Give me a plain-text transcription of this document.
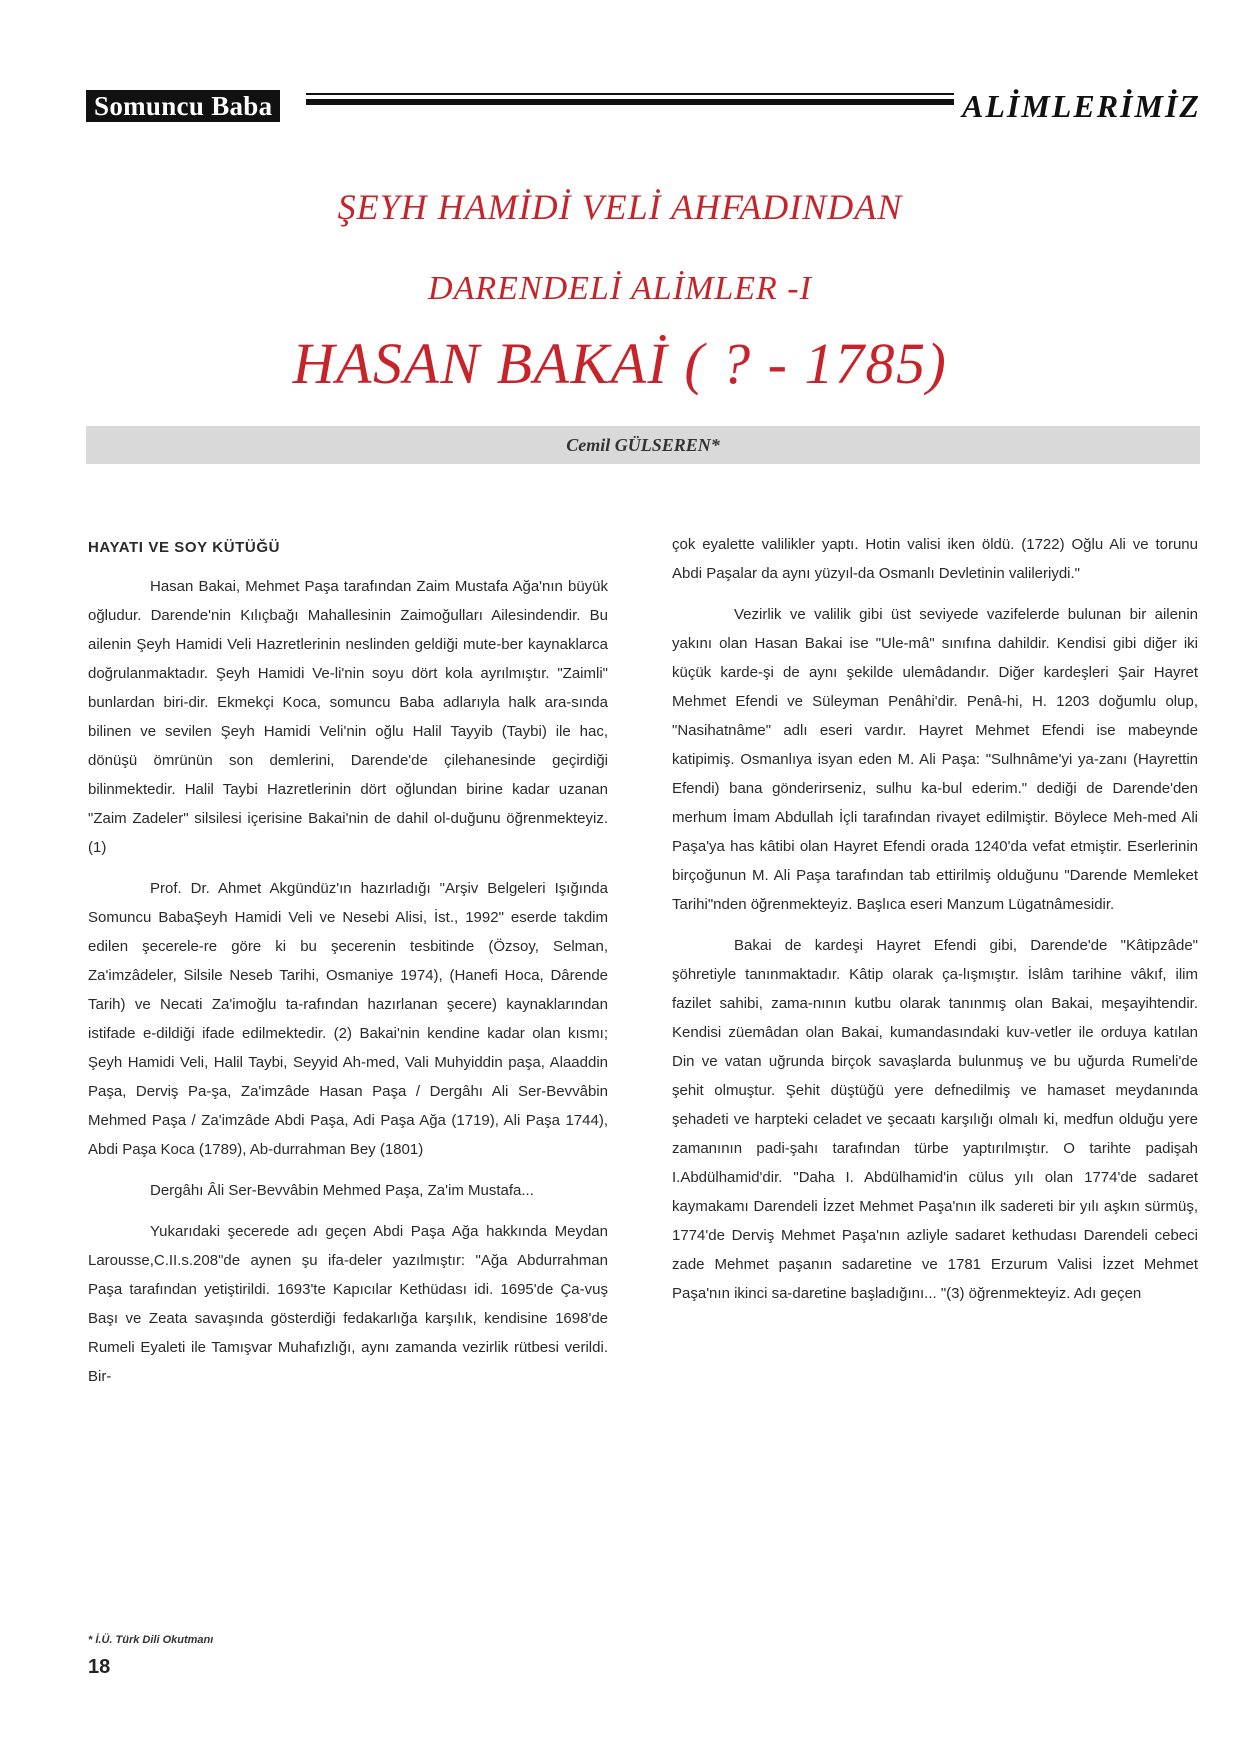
Somuncu Baba	ALİMLERİMİZ
ŞEYH HAMİDİ VELİ AHFADINDAN
DARENDELİ ALİMLER -I
HASAN BAKAİ ( ? - 1785)
Cemil GÜLSEREN*
HAYATI VE SOY KÜTÜĞÜ

Hasan Bakai, Mehmet Paşa tarafından Zaim Mustafa Ağa'nın büyük oğludur. Darende'nin Kılıçbağı Mahallesinin Zaimoğulları Ailesindendir. Bu ailenin Şeyh Hamidi Veli Hazretlerinin neslinden geldiği mute-ber kaynaklarca doğrulanmaktadır. Şeyh Hamidi Ve-li'nin soyu dört kola ayrılmıştır. "Zaimli" bunlardan biri-dir. Ekmekçi Koca, somuncu Baba adlarıyla halk ara-sında bilinen ve sevilen Şeyh Hamidi Veli'nin oğlu Halil Tayyib (Taybi) ile hac, dönüşü ömrünün son demlerini, Darende'de çilehanesinde geçirdiği bilinmektedir. Halil Taybi Hazretlerinin dört oğlundan birine kadar uzanan "Zaim Zadeler" silsilesi içerisine Bakai'nin de dahil ol-duğunu öğrenmekteyiz.(1)

Prof. Dr. Ahmet Akgündüz'ın hazırladığı "Arşiv Belgeleri Işığında Somuncu BabaŞeyh Hamidi Veli ve Nesebi Alisi, İst., 1992" eserde takdim edilen şecerele-re göre ki bu şecerenin tesbitinde (Özsoy, Selman, Za'imzâdeler, Silsile Neseb Tarihi, Osmaniye 1974), (Hanefi Hoca, Dârende Tarih) ve Necati Za'imoğlu ta-rafından hazırlanan şecere) kaynaklarından istifade e-dildiği ifade edilmektedir. (2) Bakai'nin kendine kadar olan kısmı; Şeyh Hamidi Veli, Halil Taybi, Seyyid Ah-med, Vali Muhyiddin paşa, Alaaddin Paşa, Derviş Pa-şa, Za'imzâde Hasan Paşa / Dergâhı Ali Ser-Bevvâbin Mehmed Paşa / Za'imzâde Abdi Paşa, Adi Paşa Ağa (1719), Ali Paşa 1744), Abdi Paşa Koca (1789), Ab-durrahman Bey (1801)

Dergâhı Âli Ser-Bevvâbin Mehmed Paşa, Za'im Mustafa...

Yukarıdaki şecerede adı geçen Abdi Paşa Ağa hakkında Meydan Larousse,C.II.s.208"de aynen şu ifa-deler yazılmıştır: "Ağa Abdurrahman Paşa tarafından yetiştirildi. 1693'te Kapıcılar Kethüdası idi. 1695'de Ça-vuş Başı ve Zeata savaşında gösterdiği fedakarlığa karşılık, kendisine 1698'de Rumeli Eyaleti ile Tamışvar Muhafızlığı, aynı zamanda vezirlik rütbesi verildi. Bir-

çok eyalette valilikler yaptı. Hotin valisi iken öldü. (1722) Oğlu Ali ve torunu Abdi Paşalar da aynı yüzyıl-da Osmanlı Devletinin valileriydi."

Vezirlik ve valilik gibi üst seviyede vazifelerde bulunan bir ailenin yakını olan Hasan Bakai ise "Ule-mâ" sınıfına dahildir. Kendisi gibi diğer iki küçük karde-şi de aynı şekilde ulemâdandır. Diğer kardeşleri Şair Hayret Mehmet Efendi ve Süleyman Penâhi'dir. Penâ-hi, H. 1203 doğumlu olup, "Nasihatnâme" adlı eseri vardır. Hayret Mehmet Efendi ise mabeynde katipimiş. Osmanlıya isyan eden M. Ali Paşa: "Sulhnâme'yi ya-zanı (Hayrettin Efendi) bana gönderirseniz, sulhu ka-bul ederim." dediği de Darende'den merhum İmam Abdullah İçli tarafından rivayet edilmiştir. Böylece Meh-med Ali Paşa'ya has kâtibi olan Hayret Efendi orada 1240'da vefat etmiştir. Eserlerinin birçoğunun M. Ali Paşa tarafından tab ettirilmiş olduğunu "Darende Memleket Tarihi"nden öğrenmekteyiz. Başlıca eseri Manzum Lügatnâmesidir.

Bakai de kardeşi Hayret Efendi gibi, Darende'de "Kâtipzâde" şöhretiyle tanınmaktadır. Kâtip olarak ça-lışmıştır. İslâm tarihine vâkıf, ilim fazilet sahibi, zama-nının kutbu olarak tanınmış olan Bakai, meşayihtendir. Kendisi züemâdan olan Bakai, kumandasındaki kuv-vetler ile orduya katılan Din ve vatan uğrunda birçok savaşlarda bulunmuş ve bu uğurda Rumeli'de şehit olmuştur. Şehit düştüğü yere defnedilmiş ve hamaset meydanında şehadeti ve harpteki celadet ve şecaatı karşılığı olmalı ki, medfun olduğu yere zamanının padi-şahı tarafından türbe yaptırılmıştır. O tarihte padişah I.Abdülhamid'dir. "Daha I. Abdülhamid'in cülus yılı olan 1774'de sadaret kaymakamı Darendeli İzzet Mehmet Paşa'nın ilk sadereti bir yılı aşkın sürmüş, 1774'de Derviş Mehmet Paşa'nın azliyle sadaret kethudası Darendeli cebeci zade Mehmet paşanın sadaretine ve 1781 Erzurum Valisi İzzet Mehmet Paşa'nın ikinci sa-daretine başladığını... "(3) öğrenmekteyiz. Adı geçen

* İ.Ü. Türk Dili Okutmanı
18
